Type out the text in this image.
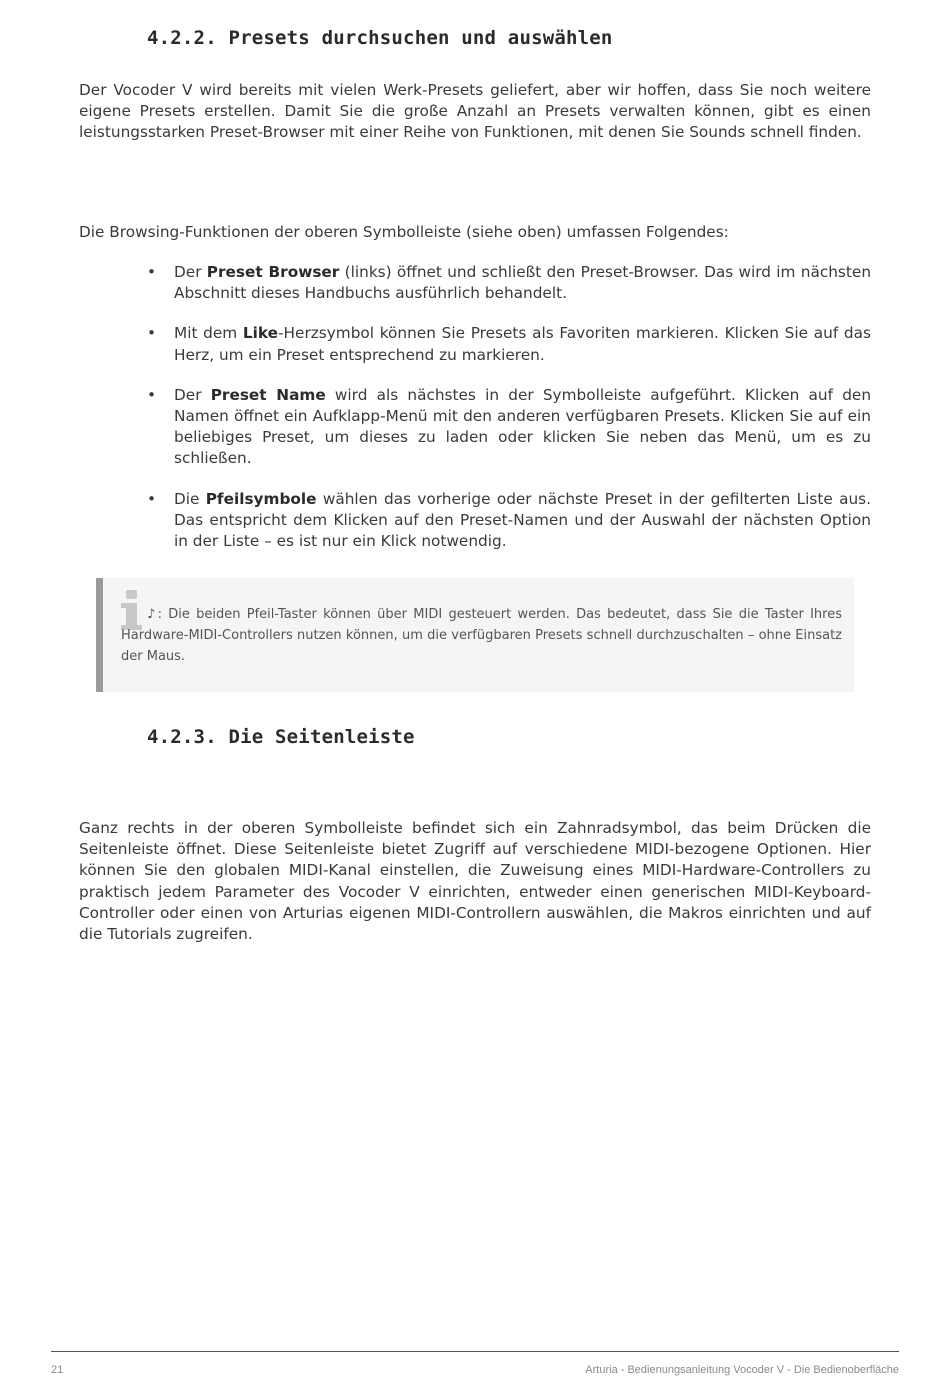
4.2.2. Presets durchsuchen und auswählen

Der Vocoder V wird bereits mit vielen Werk-Presets geliefert, aber wir hoffen, dass Sie noch weitere eigene Presets erstellen. Damit Sie die große Anzahl an Presets verwalten können, gibt es einen leistungsstarken Preset-Browser mit einer Reihe von Funktionen, mit denen Sie Sounds schnell finden.

Die Browsing-Funktionen der oberen Symbolleiste (siehe oben) umfassen Folgendes:

• Der Preset Browser (links) öffnet und schließt den Preset-Browser. Das wird im nächsten Abschnitt dieses Handbuchs ausführlich behandelt.
• Mit dem Like-Herzsymbol können Sie Presets als Favoriten markieren. Klicken Sie auf das Herz, um ein Preset entsprechend zu markieren.
• Der Preset Name wird als nächstes in der Symbolleiste aufgeführt. Klicken auf den Namen öffnet ein Aufklapp-Menü mit den anderen verfügbaren Presets. Klicken Sie auf ein beliebiges Preset, um dieses zu laden oder klicken Sie neben das Menü, um es zu schließen.
• Die Pfeilsymbole wählen das vorherige oder nächste Preset in der gefilterten Liste aus. Das entspricht dem Klicken auf den Preset-Namen und der Auswahl der nächsten Option in der Liste – es ist nur ein Klick notwendig.

♪: Die beiden Pfeil-Taster können über MIDI gesteuert werden. Das bedeutet, dass Sie die Taster Ihres Hardware-MIDI-Controllers nutzen können, um die verfügbaren Presets schnell durchzuschalten – ohne Einsatz der Maus.

4.2.3. Die Seitenleiste

Ganz rechts in der oberen Symbolleiste befindet sich ein Zahnradsymbol, das beim Drücken die Seitenleiste öffnet. Diese Seitenleiste bietet Zugriff auf verschiedene MIDI-bezogene Optionen. Hier können Sie den globalen MIDI-Kanal einstellen, die Zuweisung eines MIDI-Hardware-Controllers zu praktisch jedem Parameter des Vocoder V einrichten, entweder einen generischen MIDI-Keyboard-Controller oder einen von Arturias eigenen MIDI-Controllern auswählen, die Makros einrichten und auf die Tutorials zugreifen.

21	Arturia - Bedienungsanleitung Vocoder V - Die Bedienoberfläche
